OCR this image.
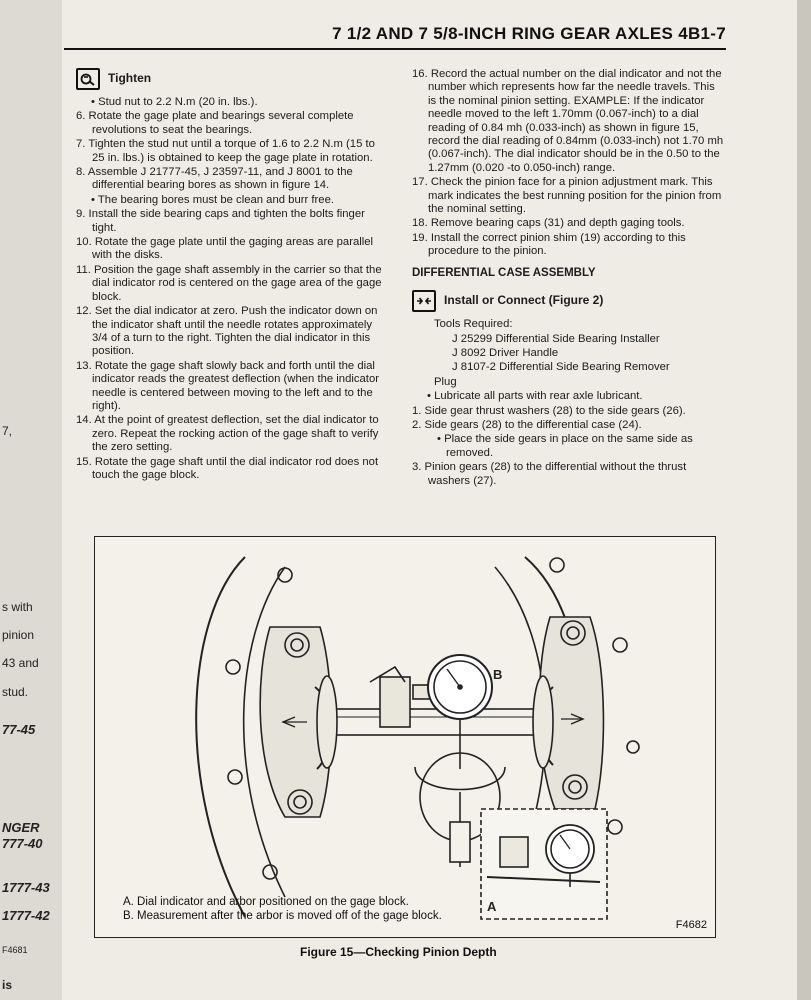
7,
s with
pinion
43 and
stud.
77-45
NGER
777-40
1777-43
1777-42
F4681
is
7 1/2 AND 7 5/8-INCH RING GEAR AXLES 4B1-7
Tighten

• Stud nut to 2.2 N.m (20 in. lbs.).

6. Rotate the gage plate and bearings several complete revolutions to seat the bearings.

7. Tighten the stud nut until a torque of 1.6 to 2.2 N.m (15 to 25 in. lbs.) is obtained to keep the gage plate in rotation.

8. Assemble J 21777-45, J 23597-11, and J 8001 to the differential bearing bores as shown in figure 14.

• The bearing bores must be clean and burr free.

9. Install the side bearing caps and tighten the bolts finger tight.

10. Rotate the gage plate until the gaging areas are parallel with the disks.

11. Position the gage shaft assembly in the carrier so that the dial indicator rod is centered on the gage area of the gage block.

12. Set the dial indicator at zero. Push the indicator down on the indicator shaft until the needle rotates approximately 3/4 of a turn to the right. Tighten the dial indicator in this position.

13. Rotate the gage shaft slowly back and forth until the dial indicator reads the greatest deflection (when the indicator needle is centered between moving to the left and to the right).

14. At the point of greatest deflection, set the dial indicator to zero. Repeat the rocking action of the gage shaft to verify the zero setting.

15. Rotate the gage shaft until the dial indicator rod does not touch the gage block.

16. Record the actual number on the dial indicator and not the number which represents how far the needle travels. This is the nominal pinion setting. EXAMPLE: If the indicator needle moved to the left 1.70mm (0.067-inch) to a dial reading of 0.84 mh (0.033-inch) as shown in figure 15, record the dial reading of 0.84mm (0.033-inch) not 1.70 mh (0.067-inch). The dial indicator should be in the 0.50 to the 1.27mm (0.020 -to 0.050-inch) range.

17. Check the pinion face for a pinion adjustment mark. This mark indicates the best running position for the pinion from the nominal setting.

18. Remove bearing caps (31) and depth gaging tools.

19. Install the correct pinion shim (19) according to this procedure to the pinion.

DIFFERENTIAL CASE ASSEMBLY
Install or Connect (Figure 2)

Tools Required:

J 25299 Differential Side Bearing Installer

J 8092 Driver Handle

J 8107-2 Differential Side Bearing Remover

Plug

• Lubricate all parts with rear axle lubricant.

1. Side gear thrust washers (28) to the side gears (26).

2. Side gears (28) to the differential case (24).

• Place the side gears in place on the same side as removed.

3. Pinion gears (28) to the differential without the thrust washers (27).

B
A
A. Dial indicator and arbor positioned on the gage block.
B. Measurement after the arbor is moved off of the gage block.
F4682
Figure 15—Checking Pinion Depth
